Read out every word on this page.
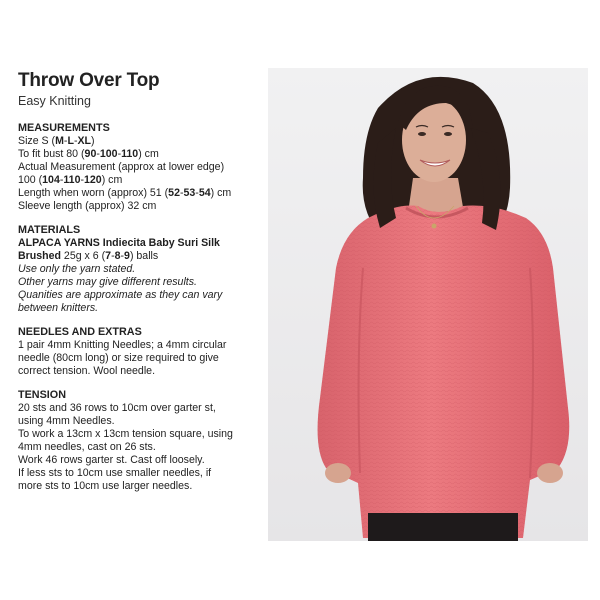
Throw Over Top

Easy Knitting

MEASUREMENTS

Size S (M-L-XL)

To fit bust 80 (90-100-110) cm

Actual Measurement (approx at lower edge)

100 (104-110-120) cm

Length when worn (approx) 51 (52-53-54) cm

Sleeve length (approx) 32 cm

MATERIALS

ALPACA YARNS Indiecita Baby Suri Silk

Brushed 25g x 6 (7-8-9) balls

Use only the yarn stated.

Other yarns may give different results.

Quanities are approximate as they can vary

between knitters.

NEEDLES AND EXTRAS

1 pair 4mm Knitting Needles; a 4mm circular

needle (80cm long) or size required to give

correct tension. Wool needle.

TENSION

20 sts and 36 rows to 10cm over garter st,

using 4mm Needles.

To work a 13cm x 13cm tension square, using

4mm needles, cast on 26 sts.

Work 46 rows garter st. Cast off loosely.

If less sts to 10cm use smaller needles, if

more sts to 10cm use larger needles.
